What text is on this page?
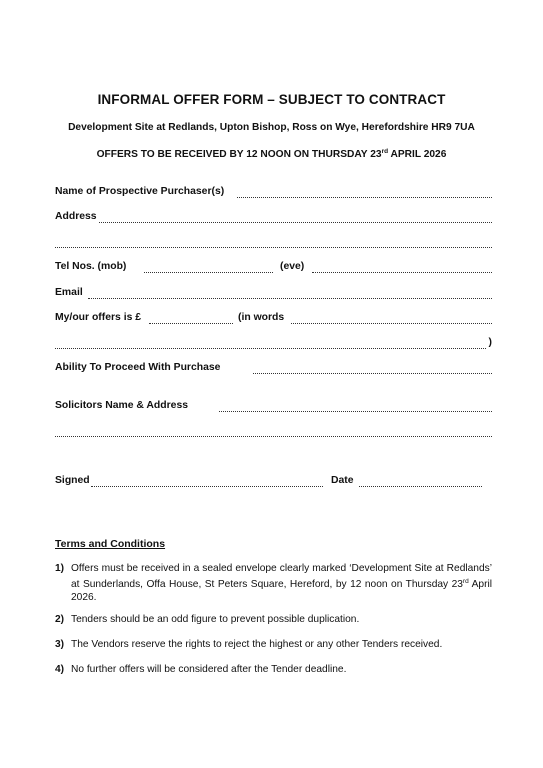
INFORMAL OFFER FORM – SUBJECT TO CONTRACT
Development Site at Redlands, Upton Bishop, Ross on Wye, Herefordshire HR9 7UA
OFFERS TO BE RECEIVED BY 12 NOON ON THURSDAY 23rd APRIL 2026
Name of Prospective Purchaser(s)
Address
Tel Nos. (mob)	(eve)
Email
My/our offers is £	(in words
)
Ability To Proceed With Purchase
Solicitors Name & Address
Signed	Date
Terms and Conditions
1) Offers must be received in a sealed envelope clearly marked ‘Development Site at Redlands’ at Sunderlands, Offa House, St Peters Square, Hereford, by 12 noon on Thursday 23rd April 2026.
2) Tenders should be an odd figure to prevent possible duplication.
3) The Vendors reserve the rights to reject the highest or any other Tenders received.
4) No further offers will be considered after the Tender deadline.
